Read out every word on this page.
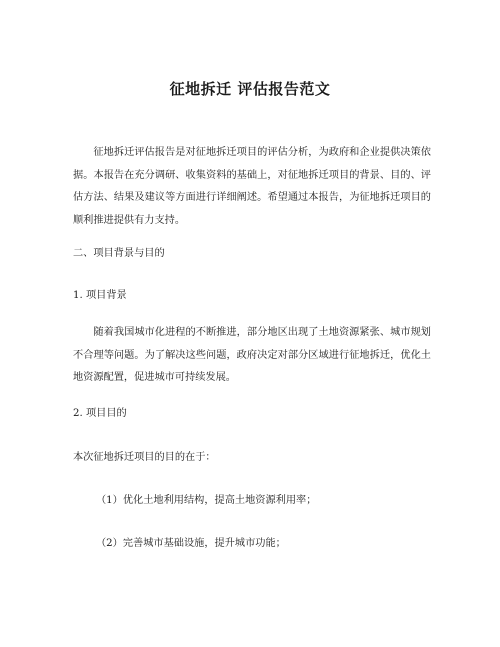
征地拆迁 评估报告范文
征地拆迁评估报告是对征地拆迁项目的评估分析，为政府和企业提供决策依据。本报告在充分调研、收集资料的基础上，对征地拆迁项目的背景、目的、评估方法、结果及建议等方面进行详细阐述。希望通过本报告，为征地拆迁项目的顺利推进提供有力支持。
二、项目背景与目的
1. 项目背景
随着我国城市化进程的不断推进，部分地区出现了土地资源紧张、城市规划不合理等问题。为了解决这些问题，政府决定对部分区域进行征地拆迁，优化土地资源配置，促进城市可持续发展。
2. 项目目的
本次征地拆迁项目的目的在于：
（1）优化土地利用结构，提高土地资源利用率；
（2）完善城市基础设施，提升城市功能；
